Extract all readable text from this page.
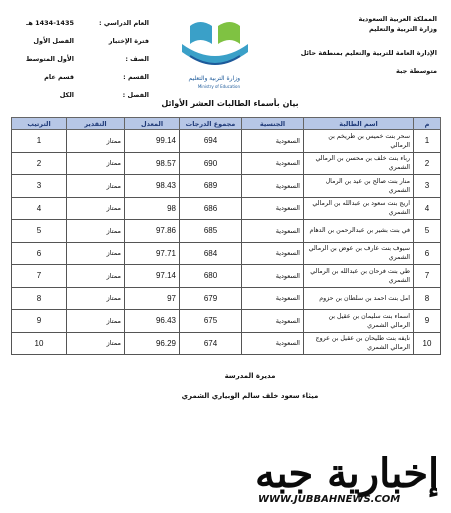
المملكة العربية السعودية
وزارة التربية والتعليم
الإدارة العامة للتربية والتعليم بمنطقة حائل
متوسطة جبة
وزارة التربية والتعليم
Ministry of Education
العام الدراسي :
1434-1435 هـ
فترة الإختبار
الفصل الأول
الصف :
الأول المتوسط
القسم :
قسم عام
الفصل :
الكل
بيان بأسماء الطالبات العشر الأوائل
م	اسم الطالبة	الجنسية	مجموع الدرجات	المعدل	التقدير	الترتيب
1	سحر بنت خميس بن طريخم بن الرمالي	السعودية	694	99.14	ممتاز	1
2	رباء بنت خلف بن محسن بن الرمالي الشمري	السعودية	690	98.57	ممتاز	2
3	منار بنت صالح بن عيد بن الرمال الشمري	السعودية	689	98.43	ممتاز	3
4	اريج بنت سعود بن عبدالله بن الرمالي الشمري	السعودية	686	98	ممتاز	4
5	في بنت بشير بن عبدالرحمن بن الدهام	السعودية	685	97.86	ممتاز	5
6	سيوف بنت عارف بن عوض بن الرمالي الشمري	السعودية	684	97.71	ممتاز	6
7	طي بنت فرحان بن عبدالله بن الرمالي الشمري	السعودية	680	97.14	ممتاز	7
8	امل بنت احمد بن سلطان بن حزوم	السعودية	679	97	ممتاز	8
9	اسماء بنت سليمان بن عقيل بن الرمالي الشمري	السعودية	675	96.43	ممتاز	9
10	نايفه بنت طليحان بن عقيل بن عروج الرمالي الشمري	السعودية	674	96.29	ممتاز	10
مديرة المدرسة
ميثاء سعود خلف سالم الوبياري الشمري
إخبارية جبه
WWW.JUBBAHNEWS.COM
